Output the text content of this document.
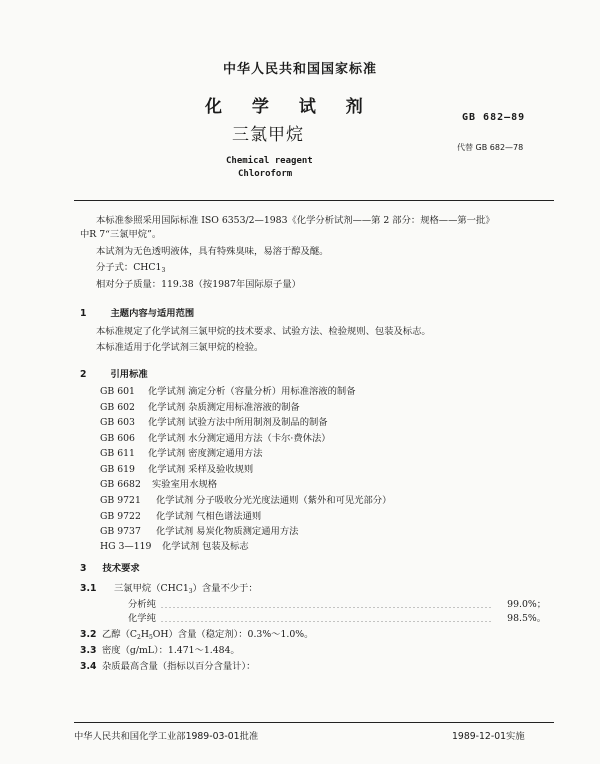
中华人民共和国国家标准
化 学 试 剂
三氯甲烷
GB 682—89
代替 GB 682—78
Chemical reagent
Chloroform
本标准参照采用国际标准 ISO 6353/2—1983《化学分析试剂——第 2 部分：规格——第一批》
中R 7“三氯甲烷”。
本试剂为无色透明液体，具有特殊臭味，易溶于醇及醚。
分子式：$CHC1_3$
相对分子质量：119.38（按1987年国际原子量）
1	主题内容与适用范围
本标准规定了化学试剂三氯甲烷的技术要求、试验方法、检验规则、包装及标志。
本标准适用于化学试剂三氯甲烷的检验。
2	引用标准
GB 601 化学试剂 滴定分析（容量分析）用标准溶液的制备
GB 602 化学试剂 杂质测定用标准溶液的制备
GB 603 化学试剂 试验方法中所用制剂及制品的制备
GB 606 化学试剂 水分测定通用方法（卡尔·费休法）
GB 611 化学试剂 密度测定通用方法
GB 619 化学试剂 采样及验收规则
GB 6682 实验室用水规格
GB 9721 化学试剂 分子吸收分光光度法通则（紫外和可见光部分）
GB 9722 化学试剂 气相色谱法通则
GB 9737 化学试剂 易炭化物质测定通用方法
HG 3—119 化学试剂 包装及标志
3 技术要求
3.1 三氯甲烷$(CHC1_3)$含量不少于：
分析纯	99.0%；
化学纯	98.5%。
3.2 乙醇$(C_2H_5OH)$含量（稳定剂）：0.3%～1.0%。
3.3 密度（g/mL）：1.471～1.484。
3.4 杂质最高含量（指标以百分含量计）：
中华人民共和国化学工业部1989-03-01批准	1989-12-01实施
